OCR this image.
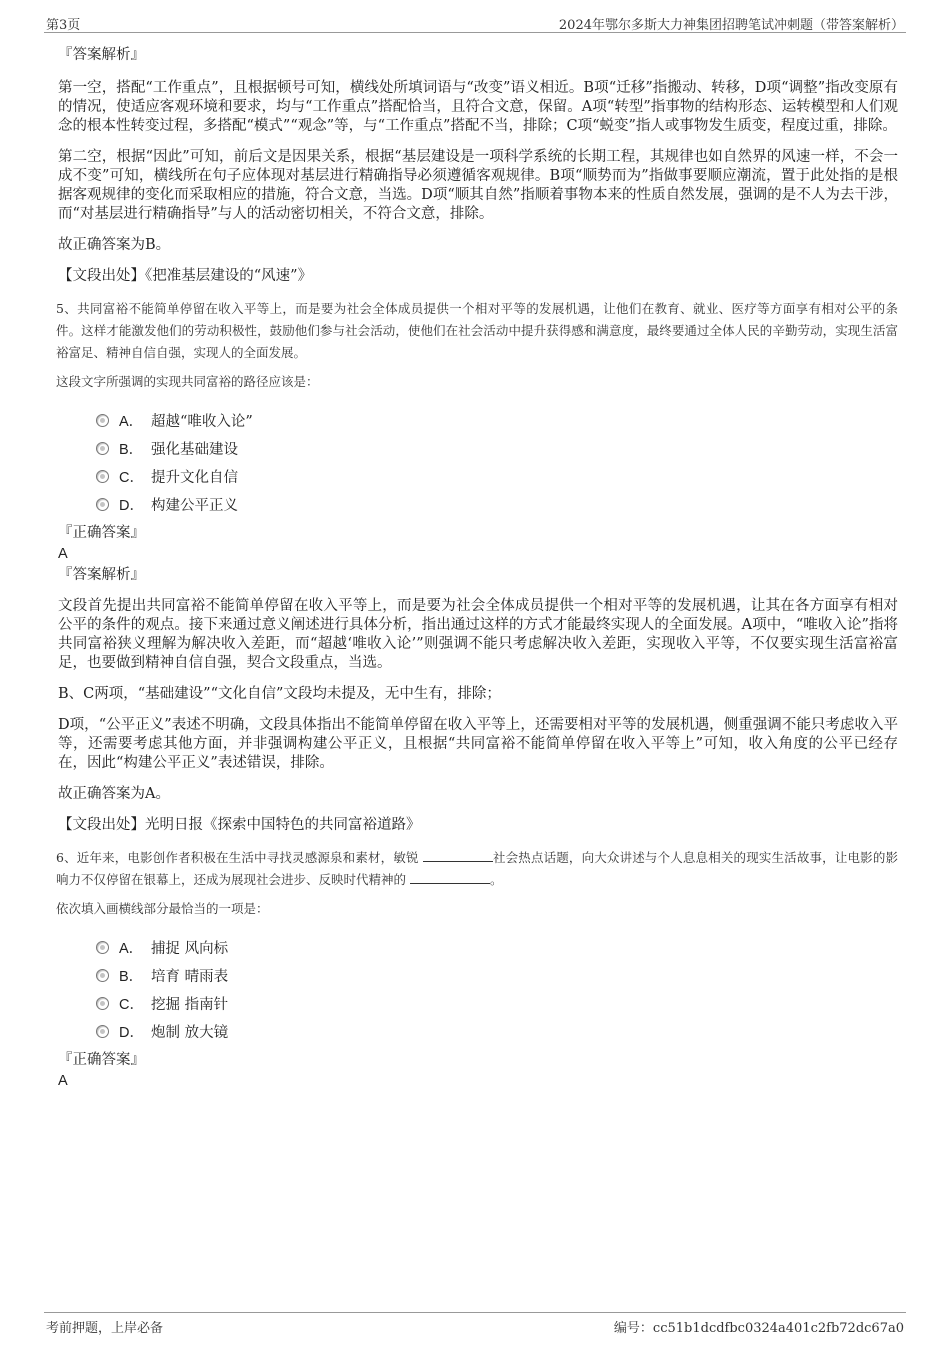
第3页	2024年鄂尔多斯大力神集团招聘笔试冲刺题（带答案解析）
『答案解析』

第一空，搭配“工作重点”，且根据顿号可知，横线处所填词语与“改变”语义相近。B项“迁移”指搬动、转移，D项“调整”指改变原有的情况，使适应客观环境和要求，均与“工作重点”搭配恰当，且符合文意，保留。A项“转型”指事物的结构形态、运转模型和人们观念的根本性转变过程，多搭配“模式”“观念”等，与“工作重点”搭配不当，排除；C项“蜕变”指人或事物发生质变，程度过重，排除。

第二空，根据“因此”可知，前后文是因果关系，根据“基层建设是一项科学系统的长期工程，其规律也如自然界的风速一样，不会一成不变”可知，横线所在句子应体现对基层进行精确指导必须遵循客观规律。B项“顺势而为”指做事要顺应潮流，置于此处指的是根据客观规律的变化而采取相应的措施，符合文意，当选。D项“顺其自然”指顺着事物本来的性质自然发展，强调的是不人为去干涉，而“对基层进行精确指导”与人的活动密切相关，不符合文意，排除。

故正确答案为B。

【文段出处】《把准基层建设的“风速”》

5、共同富裕不能简单停留在收入平等上，而是要为社会全体成员提供一个相对平等的发展机遇，让他们在教育、就业、医疗等方面享有相对公平的条件。这样才能激发他们的劳动积极性，鼓励他们参与社会活动，使他们在社会活动中提升获得感和满意度，最终要通过全体人民的辛勤劳动，实现生活富裕富足、精神自信自强，实现人的全面发展。
这段文字所强调的实现共同富裕的路径应该是：
A． 超越“唯收入论”
B． 强化基础建设
C． 提升文化自信
D． 构建公平正义
『正确答案』
A
『答案解析』

文段首先提出共同富裕不能简单停留在收入平等上，而是要为社会全体成员提供一个相对平等的发展机遇，让其在各方面享有相对公平的条件的观点。接下来通过意义阐述进行具体分析，指出通过这样的方式才能最终实现人的全面发展。A项中，“唯收入论”指将共同富裕狭义理解为解决收入差距，而“超越‘唯收入论’”则强调不能只考虑解决收入差距，实现收入平等，不仅要实现生活富裕富足，也要做到精神自信自强，契合文段重点，当选。

B、C两项，“基础建设”“文化自信”文段均未提及，无中生有，排除；

D项，“公平正义”表述不明确，文段具体指出不能简单停留在收入平等上，还需要相对平等的发展机遇，侧重强调不能只考虑收入平等，还需要考虑其他方面，并非强调构建公平正义，且根据“共同富裕不能简单停留在收入平等上”可知，收入角度的公平已经存在，因此“构建公平正义”表述错误，排除。

故正确答案为A。

【文段出处】光明日报《探索中国特色的共同富裕道路》

6、近年来，电影创作者积极在生活中寻找灵感源泉和素材，敏锐	社会热点话题，向大众讲述与个人息息相关的现实生活故事，让电影的影响力不仅停留在银幕上，还成为展现社会进步、反映时代精神的	。
依次填入画横线部分最恰当的一项是：
A． 捕捉 风向标
B． 培育 晴雨表
C． 挖掘 指南针
D． 炮制 放大镜
『正确答案』
A
考前押题，上岸必备	编号：cc51b1dcdfbc0324a401c2fb72dc67a0
